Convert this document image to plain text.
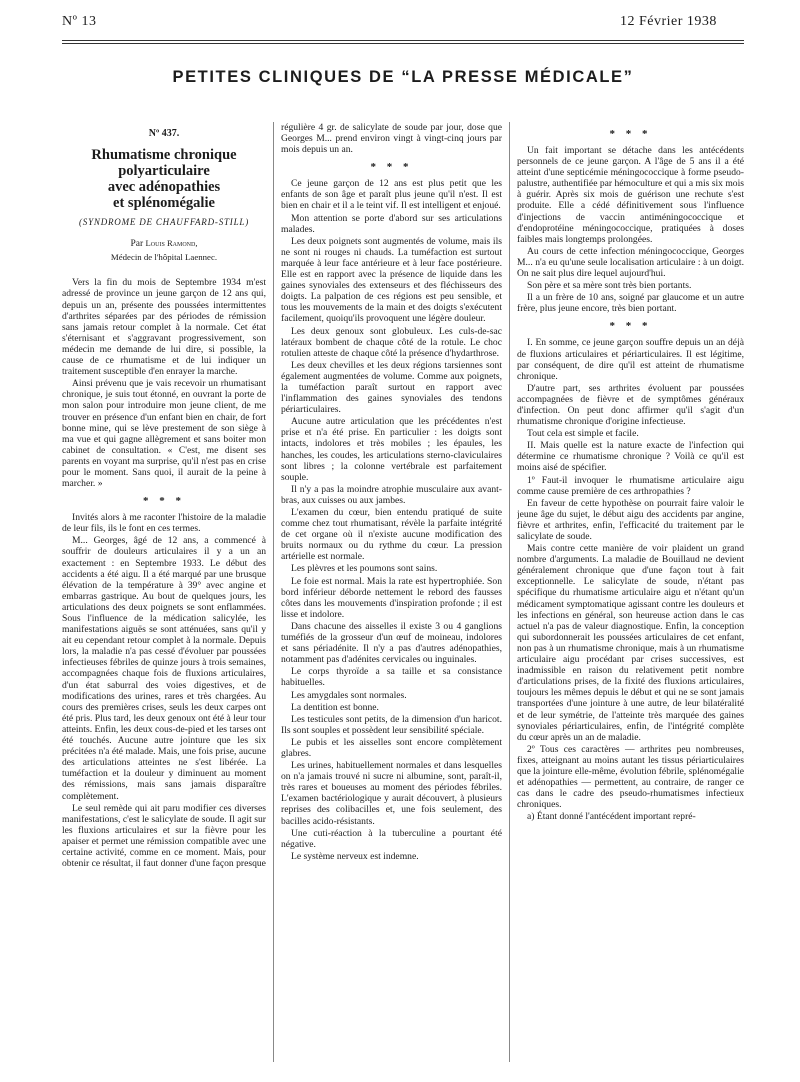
Nº 13	12 Février 1938
PETITES CLINIQUES DE “LA PRESSE MÉDICALE”
Nº 437.
Rhumatisme chronique
polyarticulaire
avec adénopathies
et splénomégalie
(SYNDROME DE CHAUFFARD-STILL)
Par Louis Ramond,
Médecin de l'hôpital Laennec.

Vers la fin du mois de Septembre 1934 m'est adressé de province un jeune garçon de 12 ans qui, depuis un an, présente des poussées intermittentes d'arthrites séparées par des périodes de rémission sans jamais retour complet à la normale. Cet état s'éternisant et s'aggravant progressivement, son médecin me demande de lui dire, si possible, la cause de ce rhumatisme et de lui indiquer un traitement susceptible d'en enrayer la marche.

Ainsi prévenu que je vais recevoir un rhumatisant chronique, je suis tout étonné, en ouvrant la porte de mon salon pour introduire mon jeune client, de me trouver en présence d'un enfant bien en chair, de fort bonne mine, qui se lève prestement de son siège à ma vue et qui gagne allègrement et sans boiter mon cabinet de consultation. « C'est, me disent ses parents en voyant ma surprise, qu'il n'est pas en crise pour le moment. Sans quoi, il aurait de la peine à marcher. »

* * *

Invités alors à me raconter l'histoire de la maladie de leur fils, ils le font en ces termes.

M... Georges, âgé de 12 ans, a commencé à souffrir de douleurs articulaires il y a un an exactement : en Septembre 1933. Le début des accidents a été aigu. Il a été marqué par une brusque élévation de la température à 39° avec angine et embarras gastrique. Au bout de quelques jours, les articulations des deux poignets se sont enflammées. Sous l'influence de la médication salicylée, les manifestations aiguës se sont atténuées, sans qu'il y ait eu cependant retour complet à la normale. Depuis lors, la maladie n'a pas cessé d'évoluer par poussées infectieuses fébriles de quinze jours à trois semaines, accompagnées chaque fois de fluxions articulaires, d'un état saburral des voies digestives, et de modifications des urines, rares et très chargées. Au cours des premières crises, seuls les deux carpes ont été pris. Plus tard, les deux genoux ont été à leur tour atteints. Enfin, les deux cous-de-pied et les tarses ont été touchés. Aucune autre jointure que les six précitées n'a été malade. Mais, une fois prise, aucune des articulations atteintes ne s'est libérée. La tuméfaction et la douleur y diminuent au moment des rémissions, mais sans jamais disparaître complètement.

Le seul remède qui ait paru modifier ces diverses manifestations, c'est le salicylate de soude. Il agit sur les fluxions articulaires et sur la fièvre pour les apaiser et permet une rémission compatible avec une certaine activité, comme en ce moment. Mais, pour obtenir ce résultat, il faut donner d'une façon presque

régulière 4 gr. de salicylate de soude par jour, dose que Georges M... prend environ vingt à vingt-cinq jours par mois depuis un an.

* * *

Ce jeune garçon de 12 ans est plus petit que les enfants de son âge et paraît plus jeune qu'il n'est. Il est bien en chair et il a le teint vif. Il est intelligent et enjoué.

Mon attention se porte d'abord sur ses articulations malades.

Les deux poignets sont augmentés de volume, mais ils ne sont ni rouges ni chauds. La tuméfaction est surtout marquée à leur face antérieure et à leur face postérieure. Elle est en rapport avec la présence de liquide dans les gaines synoviales des extenseurs et des fléchisseurs des doigts. La palpation de ces régions est peu sensible, et tous les mouvements de la main et des doigts s'exécutent facilement, quoiqu'ils provoquent une légère douleur.

Les deux genoux sont globuleux. Les culs-de-sac latéraux bombent de chaque côté de la rotule. Le choc rotulien atteste de chaque côté la présence d'hydarthrose.

Les deux chevilles et les deux régions tarsiennes sont également augmentées de volume. Comme aux poignets, la tuméfaction paraît surtout en rapport avec l'inflammation des gaines synoviales des tendons périarticulaires.

Aucune autre articulation que les précédentes n'est prise et n'a été prise. En particulier : les doigts sont intacts, indolores et très mobiles ; les épaules, les hanches, les coudes, les articulations sterno-claviculaires sont libres ; la colonne vertébrale est parfaitement souple.

Il n'y a pas la moindre atrophie musculaire aux avant-bras, aux cuisses ou aux jambes.

L'examen du cœur, bien entendu pratiqué de suite comme chez tout rhumatisant, révèle la parfaite intégrité de cet organe où il n'existe aucune modification des bruits normaux ou du rythme du cœur. La pression artérielle est normale.

Les plèvres et les poumons sont sains.

Le foie est normal. Mais la rate est hypertrophiée. Son bord inférieur déborde nettement le rebord des fausses côtes dans les mouvements d'inspiration profonde ; il est lisse et indolore.

Dans chacune des aisselles il existe 3 ou 4 ganglions tuméfiés de la grosseur d'un œuf de moineau, indolores et sans périadénite. Il n'y a pas d'autres adénopathies, notamment pas d'adénites cervicales ou inguinales.

Le corps thyroïde a sa taille et sa consistance habituelles.

Les amygdales sont normales.

La dentition est bonne.

Les testicules sont petits, de la dimension d'un haricot. Ils sont souples et possèdent leur sensibilité spéciale.

Le pubis et les aisselles sont encore complètement glabres.

Les urines, habituellement normales et dans lesquelles on n'a jamais trouvé ni sucre ni albumine, sont, paraît-il, très rares et boueuses au moment des périodes fébriles. L'examen bactériologique y aurait découvert, à plusieurs reprises des colibacilles et, une fois seulement, des bacilles acido-résistants.

Une cuti-réaction à la tuberculine a pourtant été négative.

Le système nerveux est indemne.

* * *

Un fait important se détache dans les antécédents personnels de ce jeune garçon. A l'âge de 5 ans il a été atteint d'une septicémie méningococcique à forme pseudo-palustre, authentifiée par hémoculture et qui a mis six mois à guérir. Après six mois de guérison une rechute s'est produite. Elle a cédé définitivement sous l'influence d'injections de vaccin antiméningococcique et d'endoprotéine méningococcique, pratiquées à doses faibles mais longtemps prolongées.

Au cours de cette infection méningococcique, Georges M... n'a eu qu'une seule localisation articulaire : à un doigt. On ne sait plus dire lequel aujourd'hui.

Son père et sa mère sont très bien portants.

Il a un frère de 10 ans, soigné par glaucome et un autre frère, plus jeune encore, très bien portant.

* * *

I. En somme, ce jeune garçon souffre depuis un an déjà de fluxions articulaires et périarticulaires. Il est légitime, par conséquent, de dire qu'il est atteint de rhumatisme chronique.

D'autre part, ses arthrites évoluent par poussées accompagnées de fièvre et de symptômes généraux d'infection. On peut donc affirmer qu'il s'agit d'un rhumatisme chronique d'origine infectieuse.

Tout cela est simple et facile.

II. Mais quelle est la nature exacte de l'infection qui détermine ce rhumatisme chronique ? Voilà ce qu'il est moins aisé de spécifier.

1º Faut-il invoquer le rhumatisme articulaire aigu comme cause première de ces arthropathies ?

En faveur de cette hypothèse on pourrait faire valoir le jeune âge du sujet, le début aigu des accidents par angine, fièvre et arthrites, enfin, l'efficacité du traitement par le salicylate de soude.

Mais contre cette manière de voir plaident un grand nombre d'arguments. La maladie de Bouillaud ne devient généralement chronique que d'une façon tout à fait exceptionnelle. Le salicylate de soude, n'étant pas spécifique du rhumatisme articulaire aigu et n'étant qu'un médicament symptomatique agissant contre les douleurs et les infections en général, son heureuse action dans le cas actuel n'a pas de valeur diagnostique. Enfin, la conception qui subordonnerait les poussées articulaires de cet enfant, non pas à un rhumatisme chronique, mais à un rhumatisme articulaire aigu procédant par crises successives, est inadmissible en raison du relativement petit nombre d'articulations prises, de la fixité des fluxions articulaires, toujours les mêmes depuis le début et qui ne se sont jamais transportées d'une jointure à une autre, de leur bilatéralité et de leur symétrie, de l'atteinte très marquée des gaines synoviales périarticulaires, enfin, de l'intégrité complète du cœur après un an de maladie.

2º Tous ces caractères — arthrites peu nombreuses, fixes, atteignant au moins autant les tissus périarticulaires que la jointure elle-même, évolution fébrile, splénomégalie et adénopathies — permettent, au contraire, de ranger ce cas dans le cadre des pseudo-rhumatismes infectieux chroniques.

a) Étant donné l'antécédent important repré-
